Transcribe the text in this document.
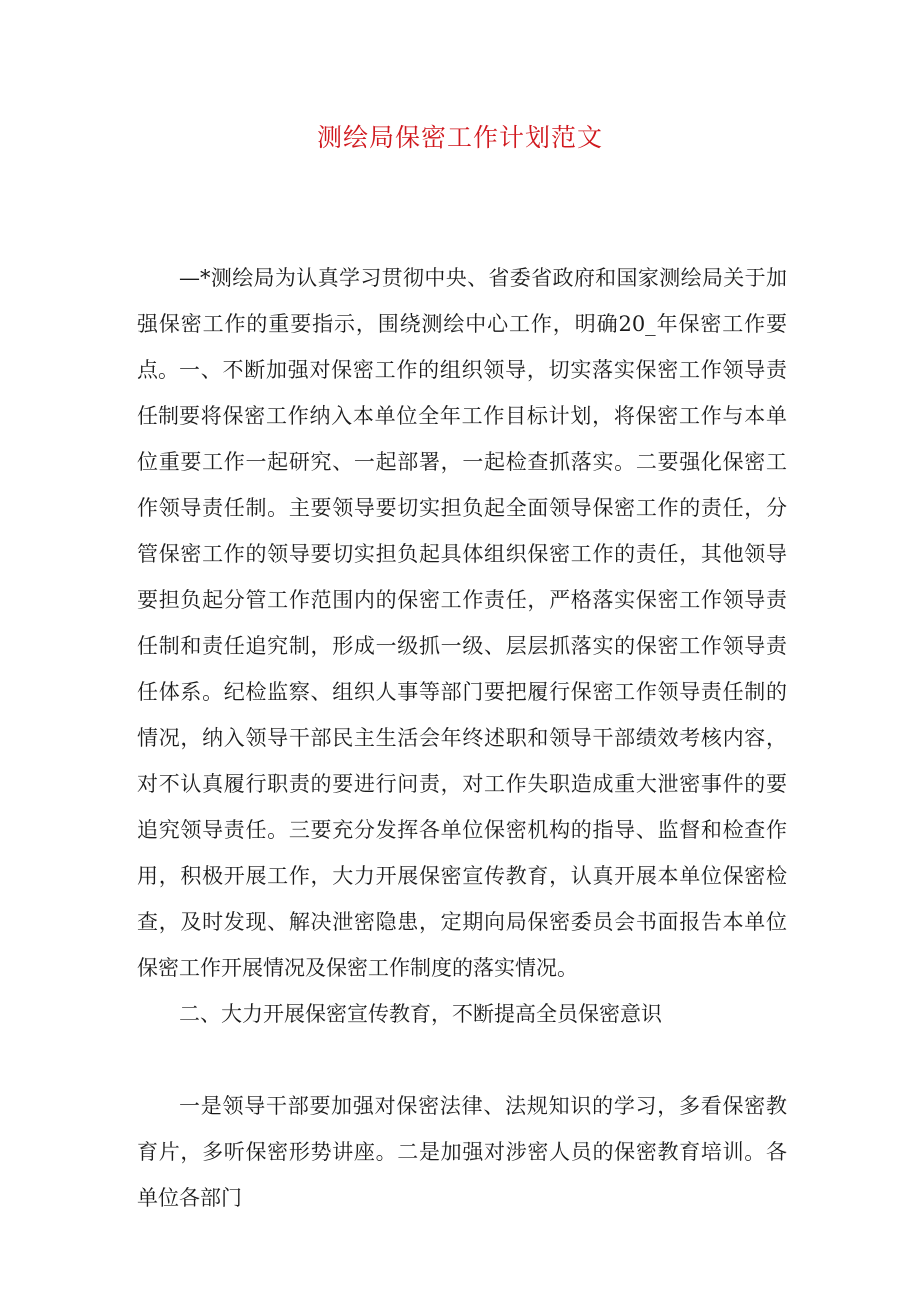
测绘局保密工作计划范文

—*测绘局为认真学习贯彻中央、省委省政府和国家测绘局关于加强保密工作的重要指示，围绕测绘中心工作，明确20_年保密工作要点。 一、不断加强对保密工作的组织领导，切实落实保密工作领导责任制 要将保密工作纳入本单位全年工作目标计划，将保密工作与本单位重要工作一起研究、一起部署，一起检查抓落实。二要强化保密工作领导责任制。主要领导要切实担负起全面领导保密工作的责任，分管保密工作的领导要切实担负起具体组织保密工作的责任，其他领导要担负起分管工作范围内的保密工作责任，严格落实保密工作领导责任制和责任追究制，形成一级抓一级、层层抓落实的保密工作领导责任体系。纪检监察、组织人事等部门要把履行保密工作领导责任制的情况，纳入领导干部民主生活会年终述职和领导干部绩效考核内容，对不认真履行职责的要进行问责，对工作失职造成重大泄密事件的要追究领导责任。三要充分发挥各单位保密机构的指导、监督和检查作用，积极开展工作，大力开展保密宣传教育，认真开展本单位保密检查，及时发现、解决泄密隐患，定期向局保密委员会书面报告本单位保密工作开展情况及保密工作制度的落实情况。

二、大力开展保密宣传教育，不断提高全员保密意识

一是领导干部要加强对保密法律、法规知识的学习，多看保密教育片，多听保密形势讲座。二是加强对涉密人员的保密教育培训。各单位各部门
